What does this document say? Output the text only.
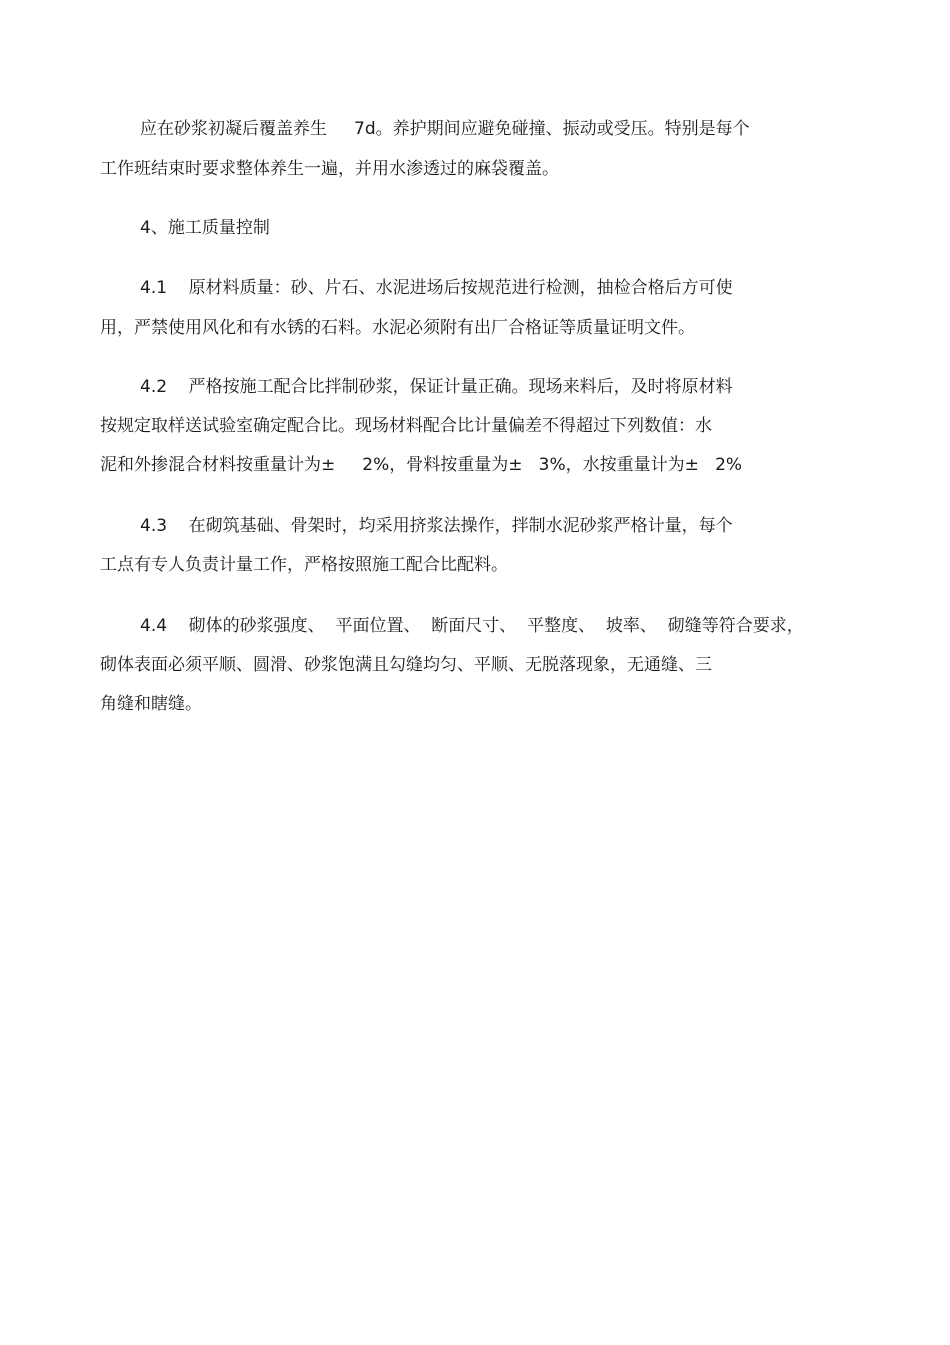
应在砂浆初凝后覆盖养生     7d。养护期间应避免碰撞、振动或受压。特别是每个
工作班结束时要求整体养生一遍，并用水渗透过的麻袋覆盖。
4、施工质量控制
4.1    原材料质量：砂、片石、水泥进场后按规范进行检测，抽检合格后方可使
用，严禁使用风化和有水锈的石料。水泥必须附有出厂合格证等质量证明文件。
4.2    严格按施工配合比拌制砂浆，保证计量正确。现场来料后，及时将原材料
按规定取样送试验室确定配合比。现场材料配合比计量偏差不得超过下列数值：水
泥和外掺混合材料按重量计为±     2%，骨料按重量为±   3%，水按重量计为±   2%
4.3    在砌筑基础、骨架时，均采用挤浆法操作，拌制水泥砂浆严格计量，每个
工点有专人负责计量工作，严格按照施工配合比配料。
4.4    砌体的砂浆强度、  平面位置、  断面尺寸、  平整度、  坡率、  砌缝等符合要求，
砌体表面必须平顺、圆滑、砂浆饱满且勾缝均匀、平顺、无脱落现象，无通缝、三
角缝和瞎缝。
